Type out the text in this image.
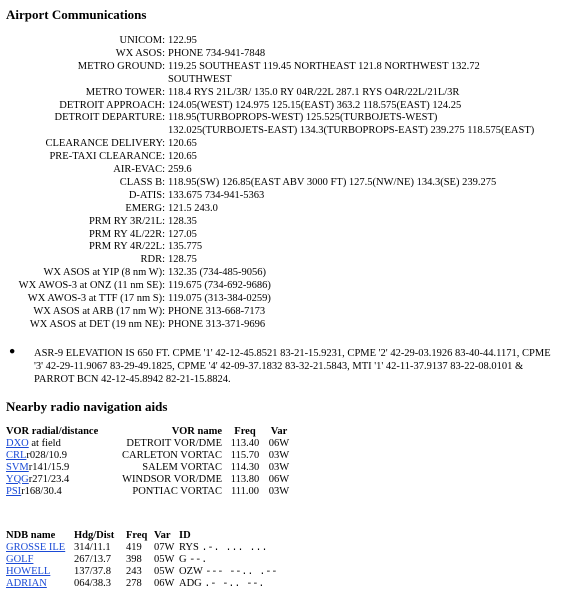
Airport Communications
UNICOM: 122.95
WX ASOS: PHONE 734-941-7848
METRO GROUND: 119.25 SOUTHEAST 119.45 NORTHEAST 121.8 NORTHWEST 132.72
SOUTHWEST
METRO TOWER: 118.4 RYS 21L/3R/ 135.0 RY 04R/22L 287.1 RYS O4R/22L/21L/3R
DETROIT APPROACH: 124.05(WEST) 124.975 125.15(EAST) 363.2 118.575(EAST) 124.25
DETROIT DEPARTURE: 118.95(TURBOPROPS-WEST) 125.525(TURBOJETS-WEST)
132.025(TURBOJETS-EAST) 134.3(TURBOPROPS-EAST) 239.275 118.575(EAST)
CLEARANCE DELIVERY: 120.65
PRE-TAXI CLEARANCE: 120.65
AIR-EVAC: 259.6
CLASS B: 118.95(SW) 126.85(EAST ABV 3000 FT) 127.5(NW/NE) 134.3(SE) 239.275
D-ATIS: 133.675 734-941-5363
EMERG: 121.5 243.0
PRM RY 3R/21L: 128.35
PRM RY 4L/22R: 127.05
PRM RY 4R/22L: 135.775
RDR: 128.75
WX ASOS at YIP (8 nm W): 132.35 (734-485-9056)
WX AWOS-3 at ONZ (11 nm SE): 119.675 (734-692-9686)
WX AWOS-3 at TTF (17 nm S): 119.075 (313-384-0259)
WX ASOS at ARB (17 nm W): PHONE 313-668-7173
WX ASOS at DET (19 nm NE): PHONE 313-371-9696
● ASR-9 ELEVATION IS 650 FT. CPME '1' 42-12-45.8521 83-21-15.9231, CPME '2' 42-29-03.1926 83-40-44.1171, CPME '3' 42-29-11.9067 83-29-49.1825, CPME '4' 42-09-37.1832 83-32-21.5843, MTI '1' 42-11-37.9137 83-22-08.0101 & PARROT BCN 42-12-45.8942 82-21-15.8824.
Nearby radio navigation aids
VOR radial/distance	VOR name	Freq	Var
DXO at field	DETROIT VOR/DME	113.40	06W
CRLr028/10.9	CARLETON VORTAC	115.70	03W
SVMr141/15.9	SALEM VORTAC	114.30	03W
YQGr271/23.4	WINDSOR VOR/DME	113.80	06W
PSIr168/30.4	PONTIAC VORTAC	111.00	03W
NDB name	Hdg/Dist	Freq	Var	ID
GROSSE ILE	314/11.1	419	07W	RYS .-. ... ...
GOLF	267/13.7	398	05W	G --.
HOWELL	137/37.8	243	05W	OZW --- --.. .--
ADRIAN	064/38.3	278	06W	ADG .- -.. --.
